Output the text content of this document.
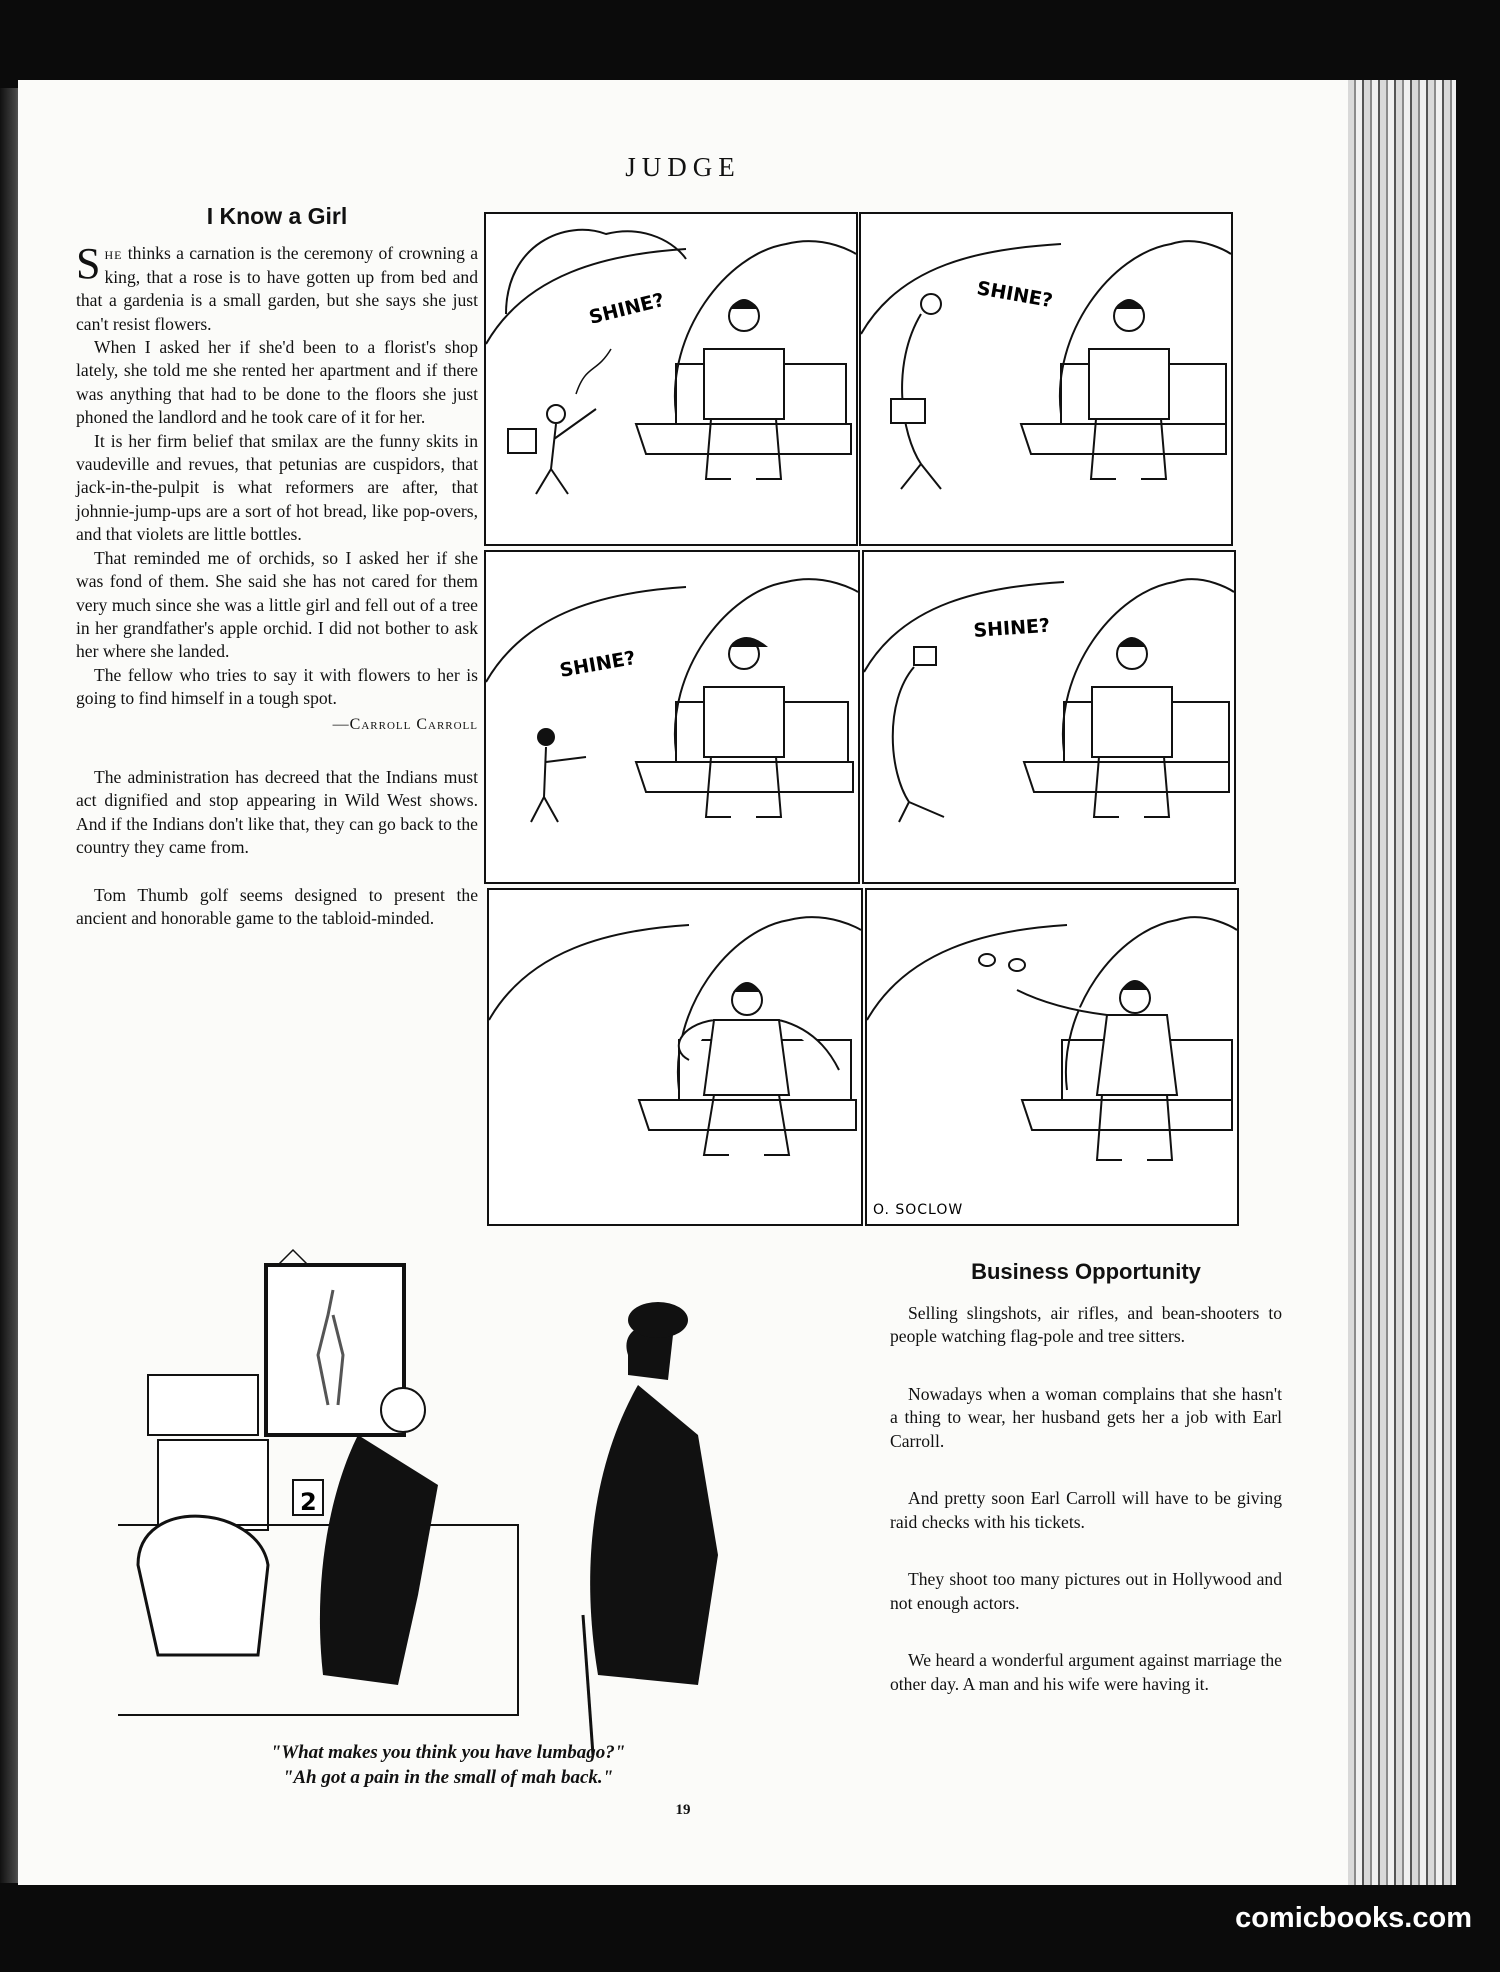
JUDGE
I Know a Girl

She thinks a carnation is the ceremony of crowning a king, that a rose is to have gotten up from bed and that a gardenia is a small garden, but she says she just can't resist flowers.

When I asked her if she'd been to a florist's shop lately, she told me she rented her apartment and if there was anything that had to be done to the floors she just phoned the landlord and he took care of it for her.

It is her firm belief that smilax are the funny skits in vaudeville and revues, that petunias are cuspidors, that jack-in-the-pulpit is what reformers are after, that johnnie-jump-ups are a sort of hot bread, like pop-overs, and that violets are little bottles.

That reminded me of orchids, so I asked her if she was fond of them. She said she has not cared for them very much since she was a little girl and fell out of a tree in her grandfather's apple orchid. I did not bother to ask her where she landed.

The fellow who tries to say it with flowers to her is going to find himself in a tough spot.

—Carroll Carroll

The administration has decreed that the Indians must act dignified and stop appearing in Wild West shows. And if the Indians don't like that, they can go back to the country they came from.

Tom Thumb golf seems designed to present the ancient and honorable game to the tabloid-minded.

SHINE?	SHINE?
SHINE?
SHINE?
O. SOCLOW
2
"What makes you think you have lumbago?"
"Ah got a pain in the small of mah back."
Business Opportunity

Selling slingshots, air rifles, and bean-shooters to people watching flag-pole and tree sitters.

Nowadays when a woman complains that she hasn't a thing to wear, her husband gets her a job with Earl Carroll.

And pretty soon Earl Carroll will have to be giving raid checks with his tickets.

They shoot too many pictures out in Hollywood and not enough actors.

We heard a wonderful argument against marriage the other day. A man and his wife were having it.

19
comicbooks.com
